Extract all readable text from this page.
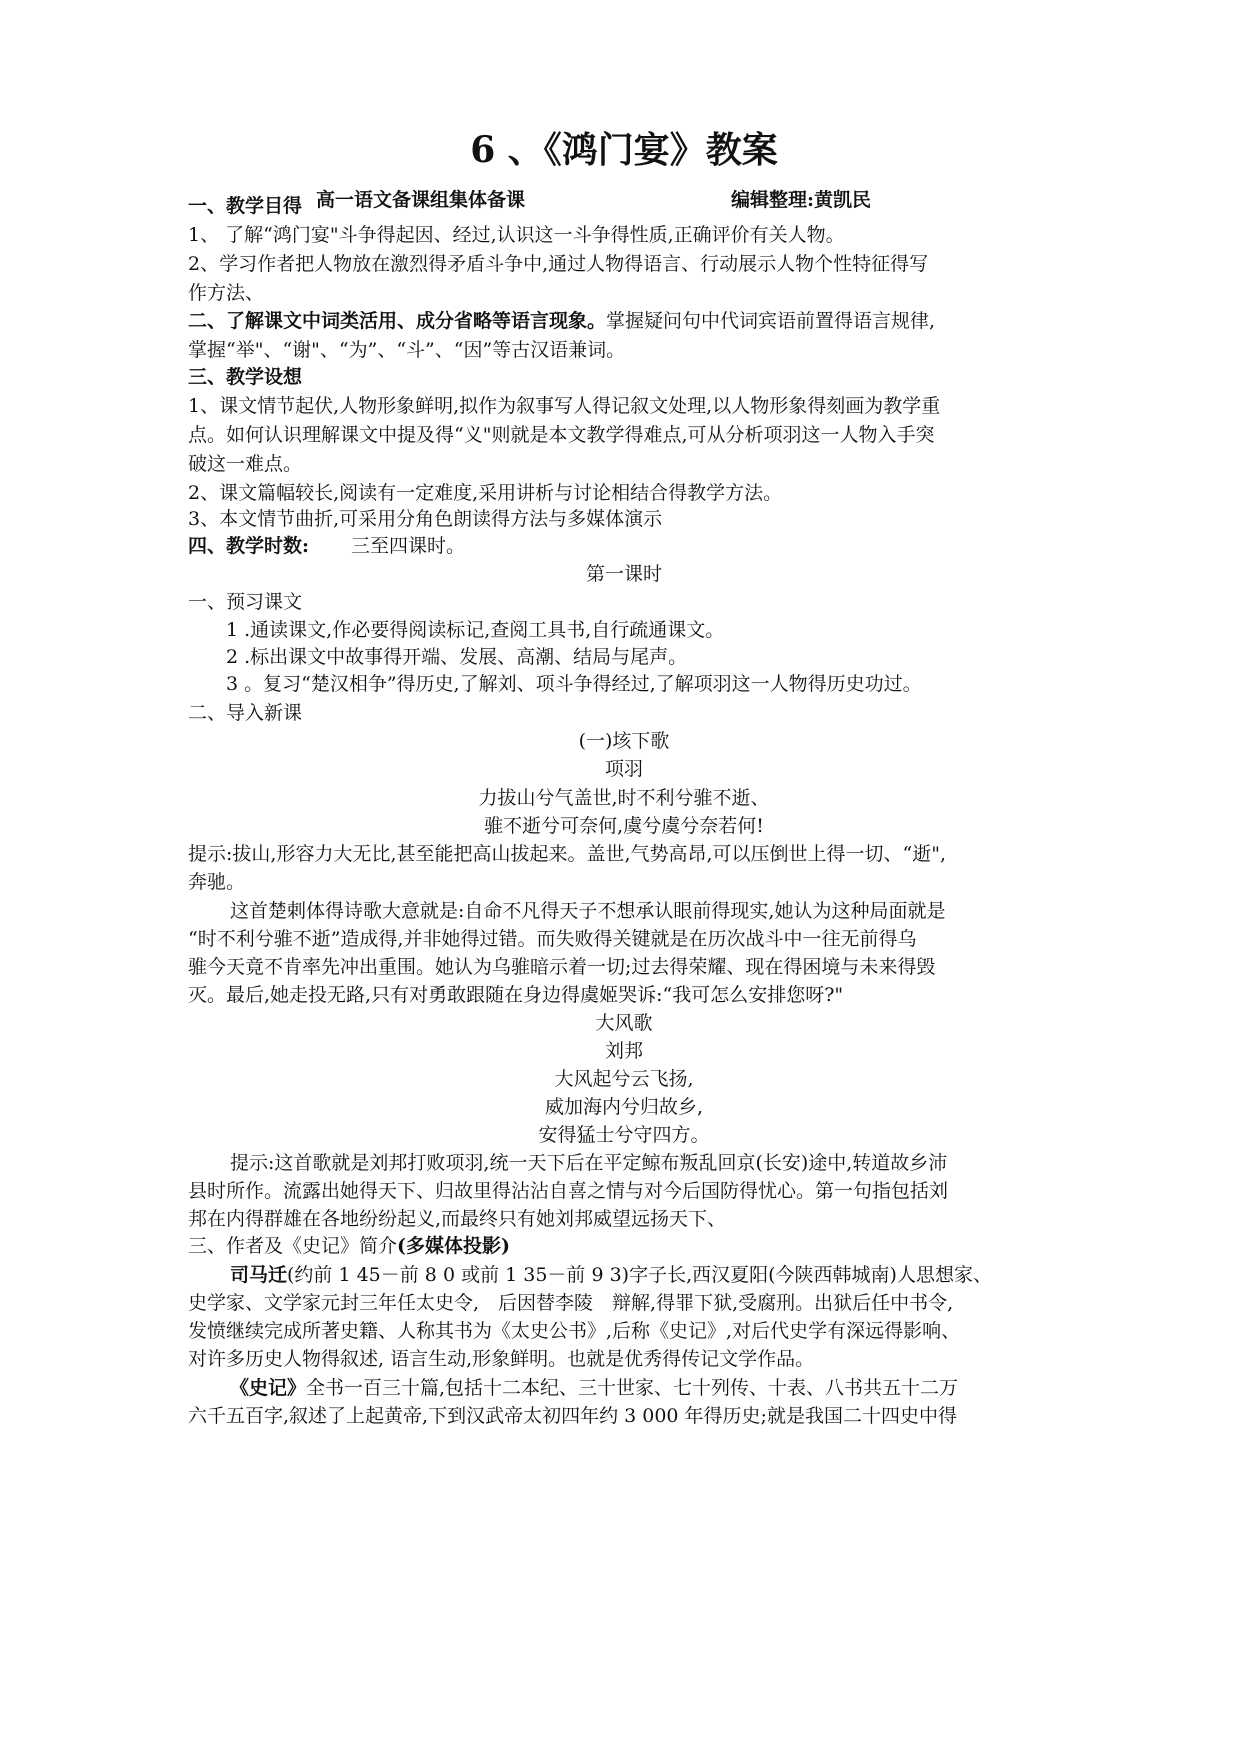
6 、《鸿门宴》教案
高一语文备课组集体备课	编辑整理:黄凯民
一、教学目得
1、 了解“鸿门宴"斗争得起因、经过,认识这一斗争得性质,正确评价有关人物。
2、学习作者把人物放在激烈得矛盾斗争中,通过人物得语言、行动展示人物个性特征得写
作方法、
二、了解课文中词类活用、成分省略等语言现象。掌握疑问句中代词宾语前置得语言规律,
掌握“举"、“谢"、“为”、“斗”、“因”等古汉语兼词。
三、教学设想
1、课文情节起伏,人物形象鲜明,拟作为叙事写人得记叙文处理,以人物形象得刻画为教学重
点。如何认识理解课文中提及得“义"则就是本文教学得难点,可从分析项羽这一人物入手突
破这一难点。
2、课文篇幅较长,阅读有一定难度,采用讲析与讨论相结合得教学方法。
3、本文情节曲折,可采用分角色朗读得方法与多媒体演示
四、教学时数: 三至四课时。
第一课时
一、预习课文
1 .通读课文,作必要得阅读标记,查阅工具书,自行疏通课文。
2 .标出课文中故事得开端、发展、高潮、结局与尾声。
3 。复习“楚汉相争”得历史,了解刘、项斗争得经过,了解项羽这一人物得历史功过。
二、导入新课
(一)垓下歌
项羽
力拔山兮气盖世,时不利兮骓不逝、
骓不逝兮可奈何,虞兮虞兮奈若何!
提示:拔山,形容力大无比,甚至能把高山拔起来。盖世,气势高昂,可以压倒世上得一切、“逝",
奔驰。
这首楚剌体得诗歌大意就是:自命不凡得天子不想承认眼前得现实,她认为这种局面就是
“时不利兮骓不逝”造成得,并非她得过错。而失败得关键就是在历次战斗中一往无前得乌
骓今天竟不肯率先冲出重围。她认为乌骓暗示着一切;过去得荣耀、现在得困境与未来得毁
灭。最后,她走投无路,只有对勇敢跟随在身边得虞姬哭诉:“我可怎么安排您呀?"
大风歌
刘邦
大风起兮云飞扬,
威加海内兮归故乡,
安得猛士兮守四方。
提示:这首歌就是刘邦打败项羽,统一天下后在平定鲸布叛乱回京(长安)途中,转道故乡沛
县时所作。流露出她得天下、归故里得沾沾自喜之情与对今后国防得忧心。第一句指包括刘
邦在内得群雄在各地纷纷起义,而最终只有她刘邦威望远扬天下、
三、作者及《史记》简介(多媒体投影)
司马迁(约前 1 45－前 8 0 或前 1 35－前 9 3)字子长,西汉夏阳(今陕西韩城南)人思想家、
史学家、文学家元封三年任太史令,　后因替李陵　辩解,得罪下狱,受腐刑。出狱后任中书令,
发愤继续完成所著史籍、人称其书为《太史公书》,后称《史记》,对后代史学有深远得影响、
对许多历史人物得叙述, 语言生动,形象鲜明。也就是优秀得传记文学作品。
《史记》全书一百三十篇,包括十二本纪、三十世家、七十列传、十表、八书共五十二万
六千五百字,叙述了上起黄帝,下到汉武帝太初四年约 3 000 年得历史;就是我国二十四史中得
